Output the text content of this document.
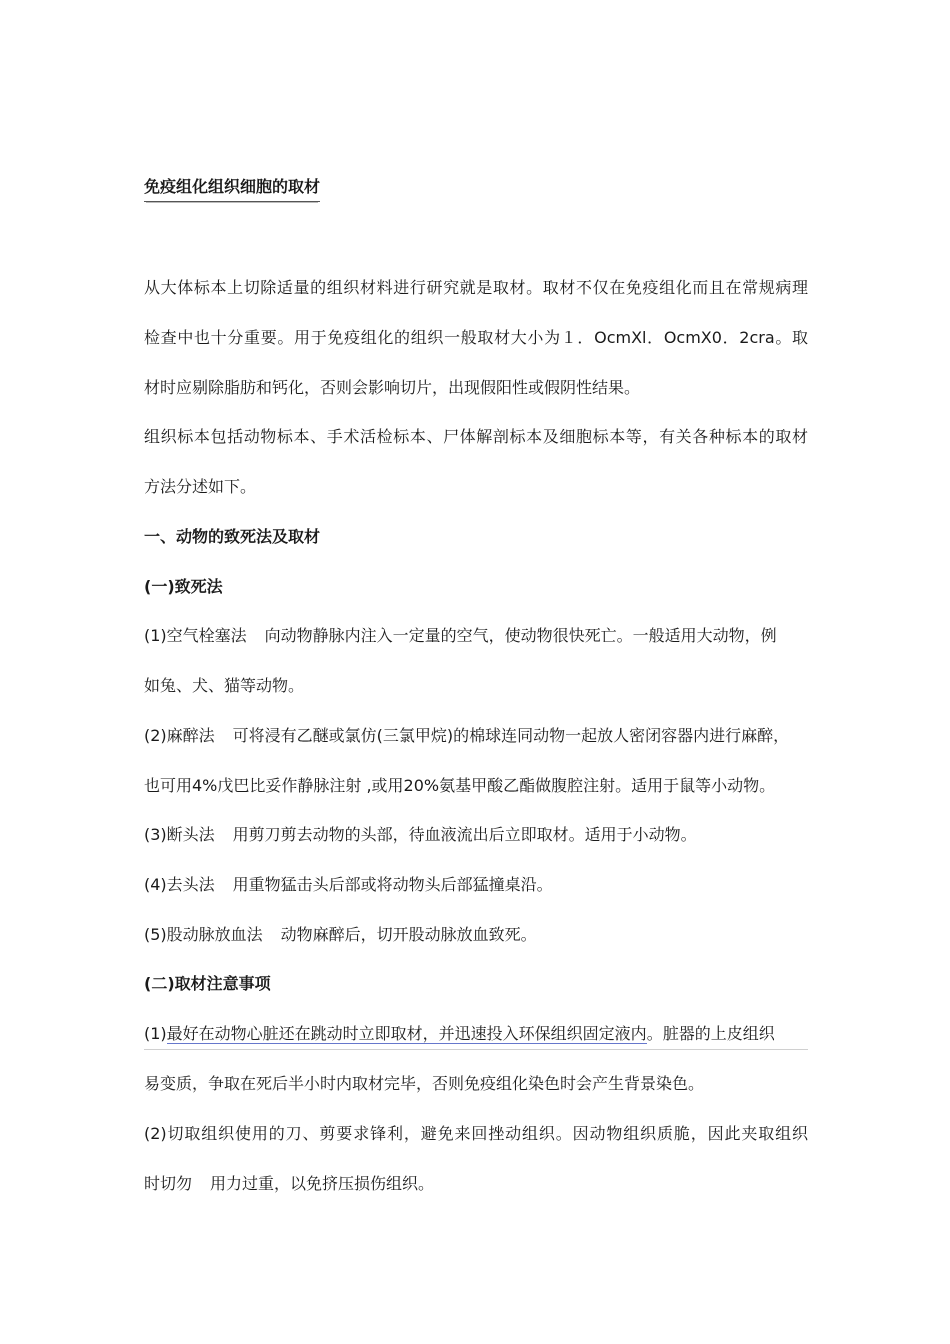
免疫组化组织细胞的取材
从大体标本上切除适量的组织材料进行研究就是取材。取材不仅在免疫组化而且在常规病理
检查中也十分重要。用于免疫组化的组织一般取材大小为１．OcmXl．OcmX0．2cra。取
材时应剔除脂肪和钙化，否则会影响切片，出现假阳性或假阴性结果。
组织标本包括动物标本、手术活检标本、尸体解剖标本及细胞标本等，有关各种标本的取材
方法分述如下。
一、动物的致死法及取材
(一)致死法
(1)空气栓塞法 向动物静脉内注入一定量的空气，使动物很快死亡。一般适用大动物，例
如兔、犬、猫等动物。
(2)麻醉法 可将浸有乙醚或氯仿(三氯甲烷)的棉球连同动物一起放人密闭容器内进行麻醉，
也可用4%戊巴比妥作静脉注射 ,或用20%氨基甲酸乙酯做腹腔注射。适用于鼠等小动物。
(3)断头法 用剪刀剪去动物的头部，待血液流出后立即取材。适用于小动物。
(4)去头法 用重物猛击头后部或将动物头后部猛撞桌沿。
(5)股动脉放血法 动物麻醉后，切开股动脉放血致死。
(二)取材注意事项
(1)最好在动物心脏还在跳动时立即取材，并迅速投入环保组织固定液内。脏器的上皮组织
易变质，争取在死后半小时内取材完毕，否则免疫组化染色时会产生背景染色。
(2)切取组织使用的刀、剪要求锋利，避免来回挫动组织。因动物组织质脆，因此夹取组织
时切勿 用力过重，以免挤压损伤组织。
